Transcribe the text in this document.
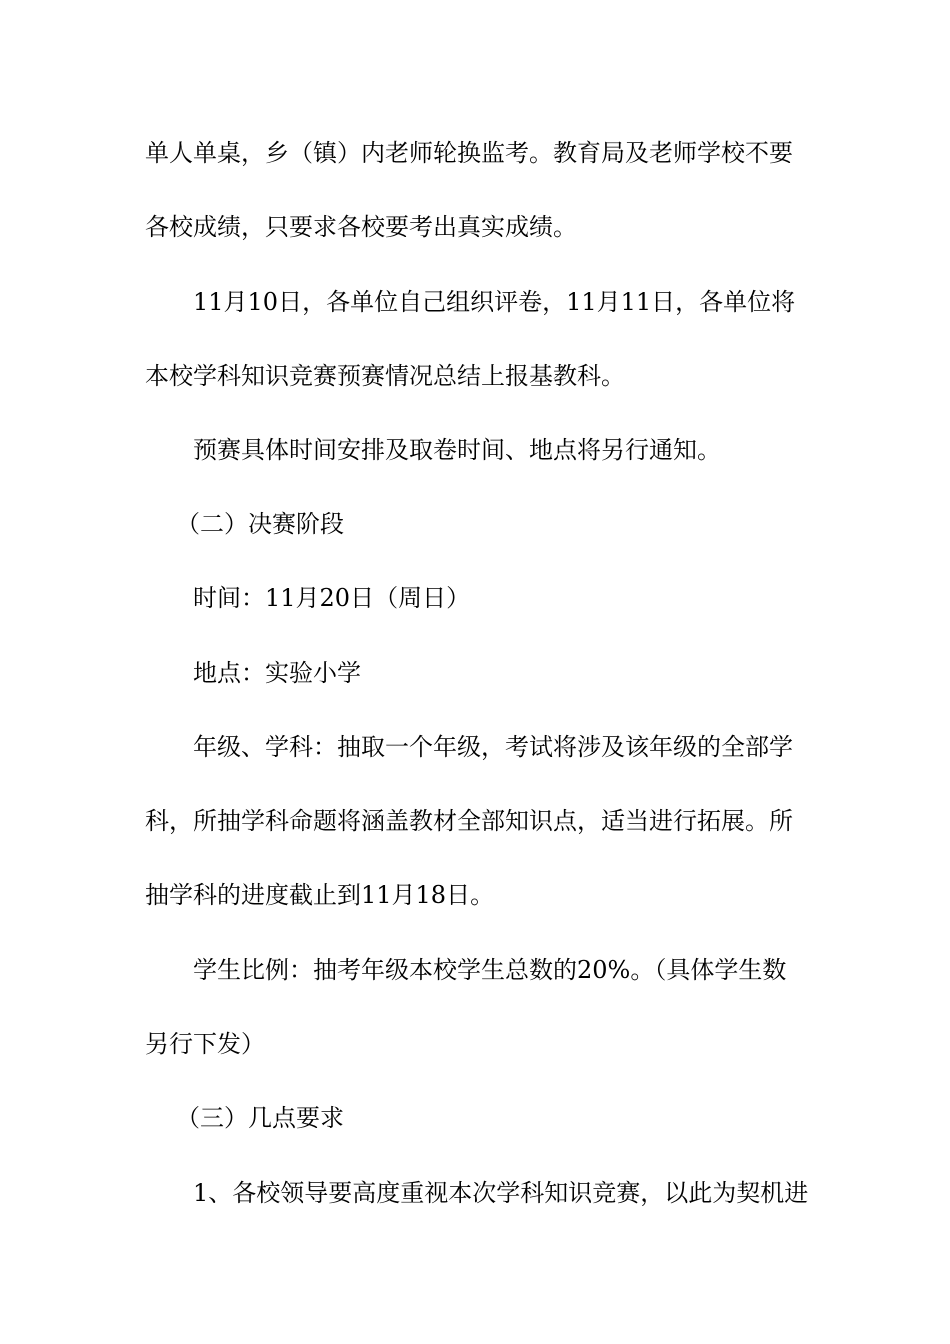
单人单桌，乡（镇）内老师轮换监考。教育局及老师学校不要
各校成绩，只要求各校要考出真实成绩。
11月10日，各单位自己组织评卷，11月11日，各单位将
本校学科知识竞赛预赛情况总结上报基教科。
预赛具体时间安排及取卷时间、地点将另行通知。
（二）决赛阶段
时间：11月20日（周日）
地点：实验小学
年级、学科：抽取一个年级，考试将涉及该年级的全部学
科，所抽学科命题将涵盖教材全部知识点，适当进行拓展。所
抽学科的进度截止到11月18日。
学生比例：抽考年级本校学生总数的20%。（具体学生数
另行下发）
（三）几点要求
1、各校领导要高度重视本次学科知识竞赛，以此为契机进
